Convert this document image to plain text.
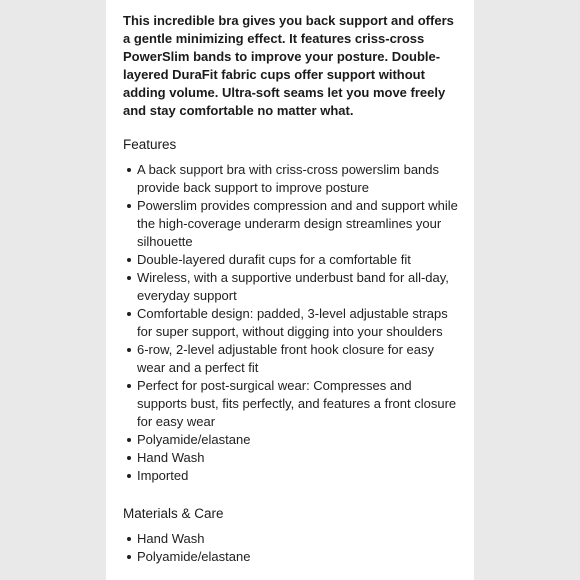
This incredible bra gives you back support and offers a gentle minimizing effect. It features criss-cross PowerSlim bands to improve your posture. Double-layered DuraFit fabric cups offer support without adding volume. Ultra-soft seams let you move freely and stay comfortable no matter what.

Features
A back support bra with criss-cross powerslim bands provide back support to improve posture
Powerslim provides compression and and support while the high-coverage underarm design streamlines your silhouette
Double-layered durafit cups for a comfortable fit
Wireless, with a supportive underbust band for all-day, everyday support
Comfortable design: padded, 3-level adjustable straps for super support, without digging into your shoulders
6-row, 2-level adjustable front hook closure for easy wear and a perfect fit
Perfect for post-surgical wear: Compresses and supports bust, fits perfectly, and features a front closure for easy wear
Polyamide/elastane
Hand Wash
Imported
Materials & Care
Hand Wash
Polyamide/elastane
